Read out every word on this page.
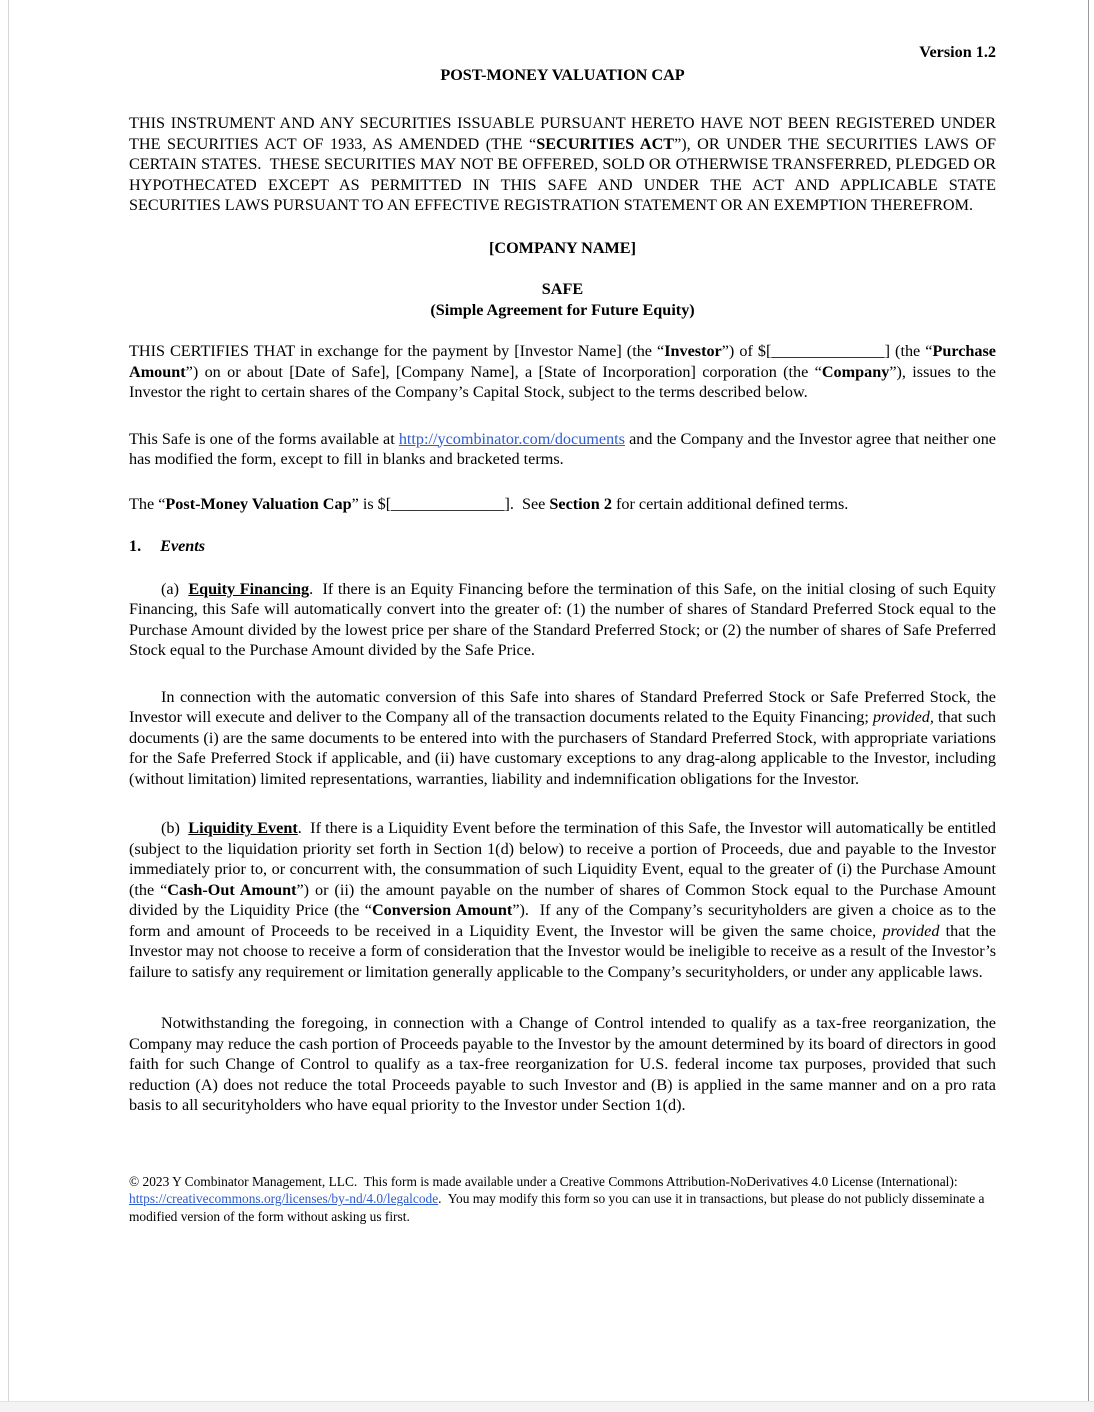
Version 1.2

POST-MONEY VALUATION CAP

THIS INSTRUMENT AND ANY SECURITIES ISSUABLE PURSUANT HERETO HAVE NOT BEEN REGISTERED UNDER THE SECURITIES ACT OF 1933, AS AMENDED (THE “SECURITIES ACT”), OR UNDER THE SECURITIES LAWS OF CERTAIN STATES.  THESE SECURITIES MAY NOT BE OFFERED, SOLD OR OTHERWISE TRANSFERRED, PLEDGED OR HYPOTHECATED EXCEPT AS PERMITTED IN THIS SAFE AND UNDER THE ACT AND APPLICABLE STATE SECURITIES LAWS PURSUANT TO AN EFFECTIVE REGISTRATION STATEMENT OR AN EXEMPTION THEREFROM.

[COMPANY NAME]

SAFE

(Simple Agreement for Future Equity)

THIS CERTIFIES THAT in exchange for the payment by [Investor Name] (the “Investor”) of $[______________] (the “Purchase Amount”) on or about [Date of Safe], [Company Name], a [State of Incorporation] corporation (the “Company”), issues to the Investor the right to certain shares of the Company’s Capital Stock, subject to the terms described below.

This Safe is one of the forms available at http://ycombinator.com/documents and the Company and the Investor agree that neither one has modified the form, except to fill in blanks and bracketed terms.

The “Post-Money Valuation Cap” is $[______________].  See Section 2 for certain additional defined terms.

1. Events

(a)  Equity Financing.  If there is an Equity Financing before the termination of this Safe, on the initial closing of such Equity Financing, this Safe will automatically convert into the greater of: (1) the number of shares of Standard Preferred Stock equal to the Purchase Amount divided by the lowest price per share of the Standard Preferred Stock; or (2) the number of shares of Safe Preferred Stock equal to the Purchase Amount divided by the Safe Price.

In connection with the automatic conversion of this Safe into shares of Standard Preferred Stock or Safe Preferred Stock, the Investor will execute and deliver to the Company all of the transaction documents related to the Equity Financing; provided, that such documents (i) are the same documents to be entered into with the purchasers of Standard Preferred Stock, with appropriate variations for the Safe Preferred Stock if applicable, and (ii) have customary exceptions to any drag-along applicable to the Investor, including (without limitation) limited representations, warranties, liability and indemnification obligations for the Investor.

(b)  Liquidity Event.  If there is a Liquidity Event before the termination of this Safe, the Investor will automatically be entitled (subject to the liquidation priority set forth in Section 1(d) below) to receive a portion of Proceeds, due and payable to the Investor immediately prior to, or concurrent with, the consummation of such Liquidity Event, equal to the greater of (i) the Purchase Amount (the “Cash-Out Amount”) or (ii) the amount payable on the number of shares of Common Stock equal to the Purchase Amount divided by the Liquidity Price (the “Conversion Amount”).  If any of the Company’s securityholders are given a choice as to the form and amount of Proceeds to be received in a Liquidity Event, the Investor will be given the same choice, provided that the Investor may not choose to receive a form of consideration that the Investor would be ineligible to receive as a result of the Investor’s failure to satisfy any requirement or limitation generally applicable to the Company’s securityholders, or under any applicable laws.

Notwithstanding the foregoing, in connection with a Change of Control intended to qualify as a tax-free reorganization, the Company may reduce the cash portion of Proceeds payable to the Investor by the amount determined by its board of directors in good faith for such Change of Control to qualify as a tax-free reorganization for U.S. federal income tax purposes, provided that such reduction (A) does not reduce the total Proceeds payable to such Investor and (B) is applied in the same manner and on a pro rata basis to all securityholders who have equal priority to the Investor under Section 1(d).

© 2023 Y Combinator Management, LLC.  This form is made available under a Creative Commons Attribution-NoDerivatives 4.0 License (International): https://creativecommons.org/licenses/by-nd/4.0/legalcode.  You may modify this form so you can use it in transactions, but please do not publicly disseminate a modified version of the form without asking us first.
